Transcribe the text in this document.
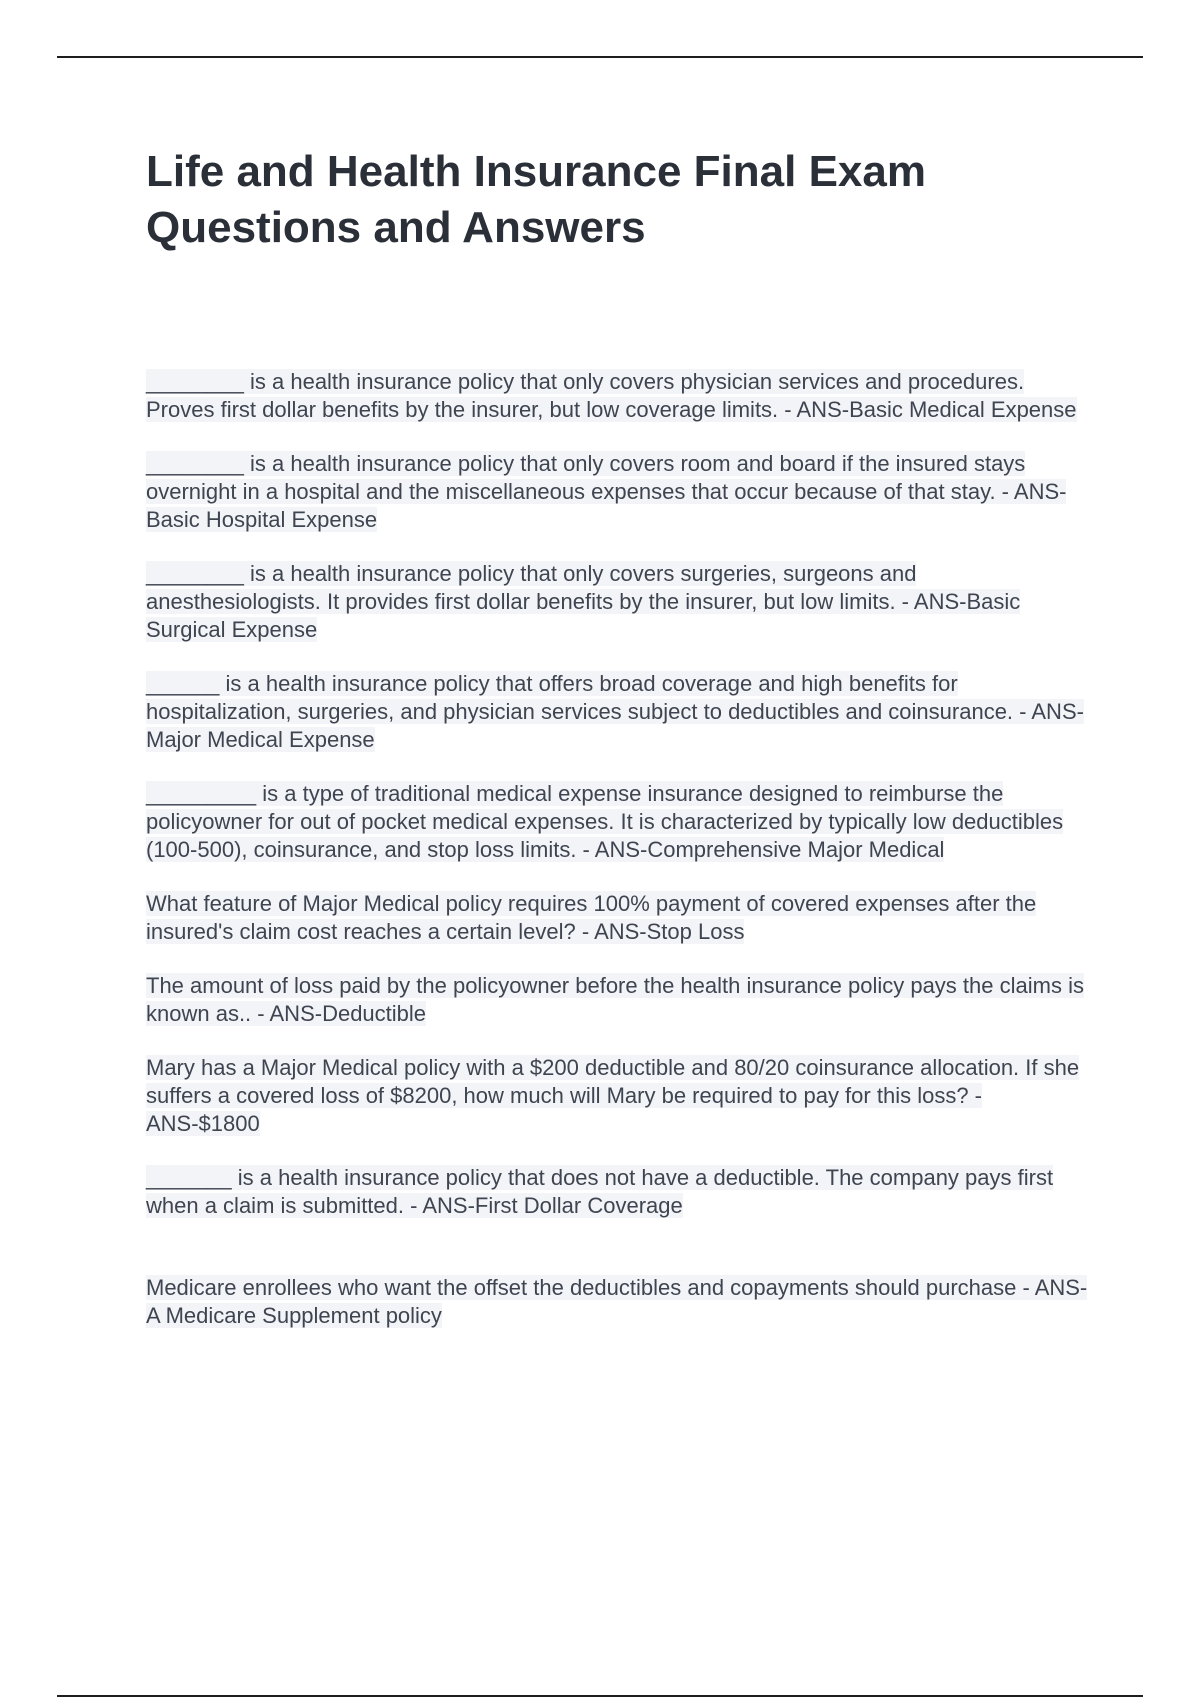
Life and Health Insurance Final Exam
Questions and Answers

________ is a health insurance policy that only covers physician services and procedures. Proves first dollar benefits by the insurer, but low coverage limits. - ANS-Basic Medical Expense

________ is a health insurance policy that only covers room and board if the insured stays overnight in a hospital and the miscellaneous expenses that occur because of that stay. - ANS-Basic Hospital Expense

________ is a health insurance policy that only covers surgeries, surgeons and anesthesiologists. It provides first dollar benefits by the insurer, but low limits. - ANS-Basic Surgical Expense

______ is a health insurance policy that offers broad coverage and high benefits for hospitalization, surgeries, and physician services subject to deductibles and coinsurance. - ANS-Major Medical Expense

_________ is a type of traditional medical expense insurance designed to reimburse the policyowner for out of pocket medical expenses. It is characterized by typically low deductibles (100-500), coinsurance, and stop loss limits. - ANS-Comprehensive Major Medical

What feature of Major Medical policy requires 100% payment of covered expenses after the insured's claim cost reaches a certain level? - ANS-Stop Loss

The amount of loss paid by the policyowner before the health insurance policy pays the claims is known as.. - ANS-Deductible

Mary has a Major Medical policy with a $200 deductible and 80/20 coinsurance allocation. If she suffers a covered loss of $8200, how much will Mary be required to pay for this loss? - ANS-$1800

_______ is a health insurance policy that does not have a deductible. The company pays first when a claim is submitted. - ANS-First Dollar Coverage

Medicare enrollees who want the offset the deductibles and copayments should purchase - ANS-A Medicare Supplement policy
